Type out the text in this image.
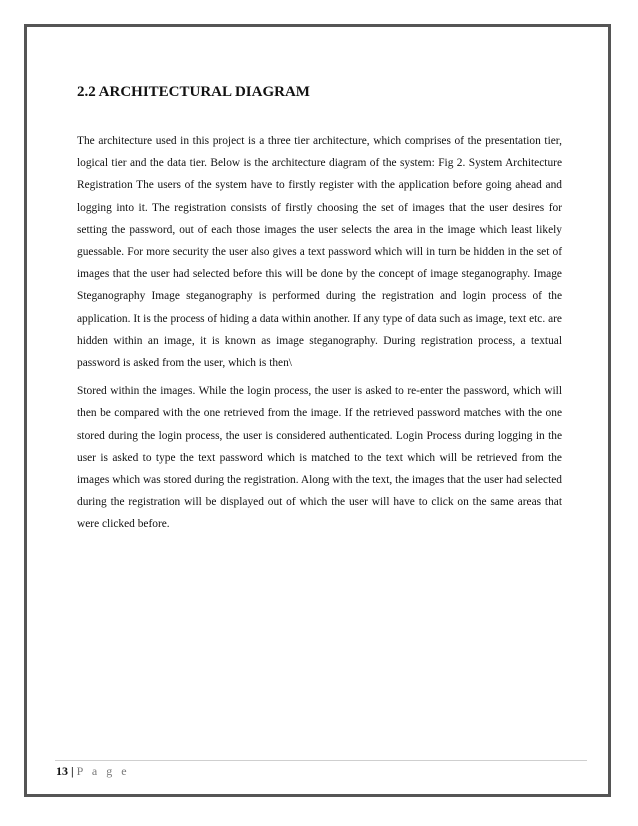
2.2 ARCHITECTURAL DIAGRAM

The architecture used in this project is a three tier architecture, which comprises of the presentation tier, logical tier and the data tier. Below is the architecture diagram of the system: Fig 2. System Architecture Registration The users of the system have to firstly register with the application before going ahead and logging into it. The registration consists of firstly choosing the set of images that the user desires for setting the password, out of each those images the user selects the area in the image which least likely guessable. For more security the user also gives a text password which will in turn be hidden in the set of images that the user had selected before this will be done by the concept of image steganography. Image Steganography Image steganography is performed during the registration and login process of the application. It is the process of hiding a data within another. If any type of data such as image, text etc. are hidden within an image, it is known as image steganography. During registration process, a textual password is asked from the user, which is then\

Stored within the images. While the login process, the user is asked to re-enter the password, which will then be compared with the one retrieved from the image. If the retrieved password matches with the one stored during the login process, the user is considered authenticated. Login Process during logging in the user is asked to type the text password which is matched to the text which will be retrieved from the images which was stored during the registration. Along with the text, the images that the user had selected during the registration will be displayed out of which the user will have to click on the same areas that were clicked before.

13 | P a g e
